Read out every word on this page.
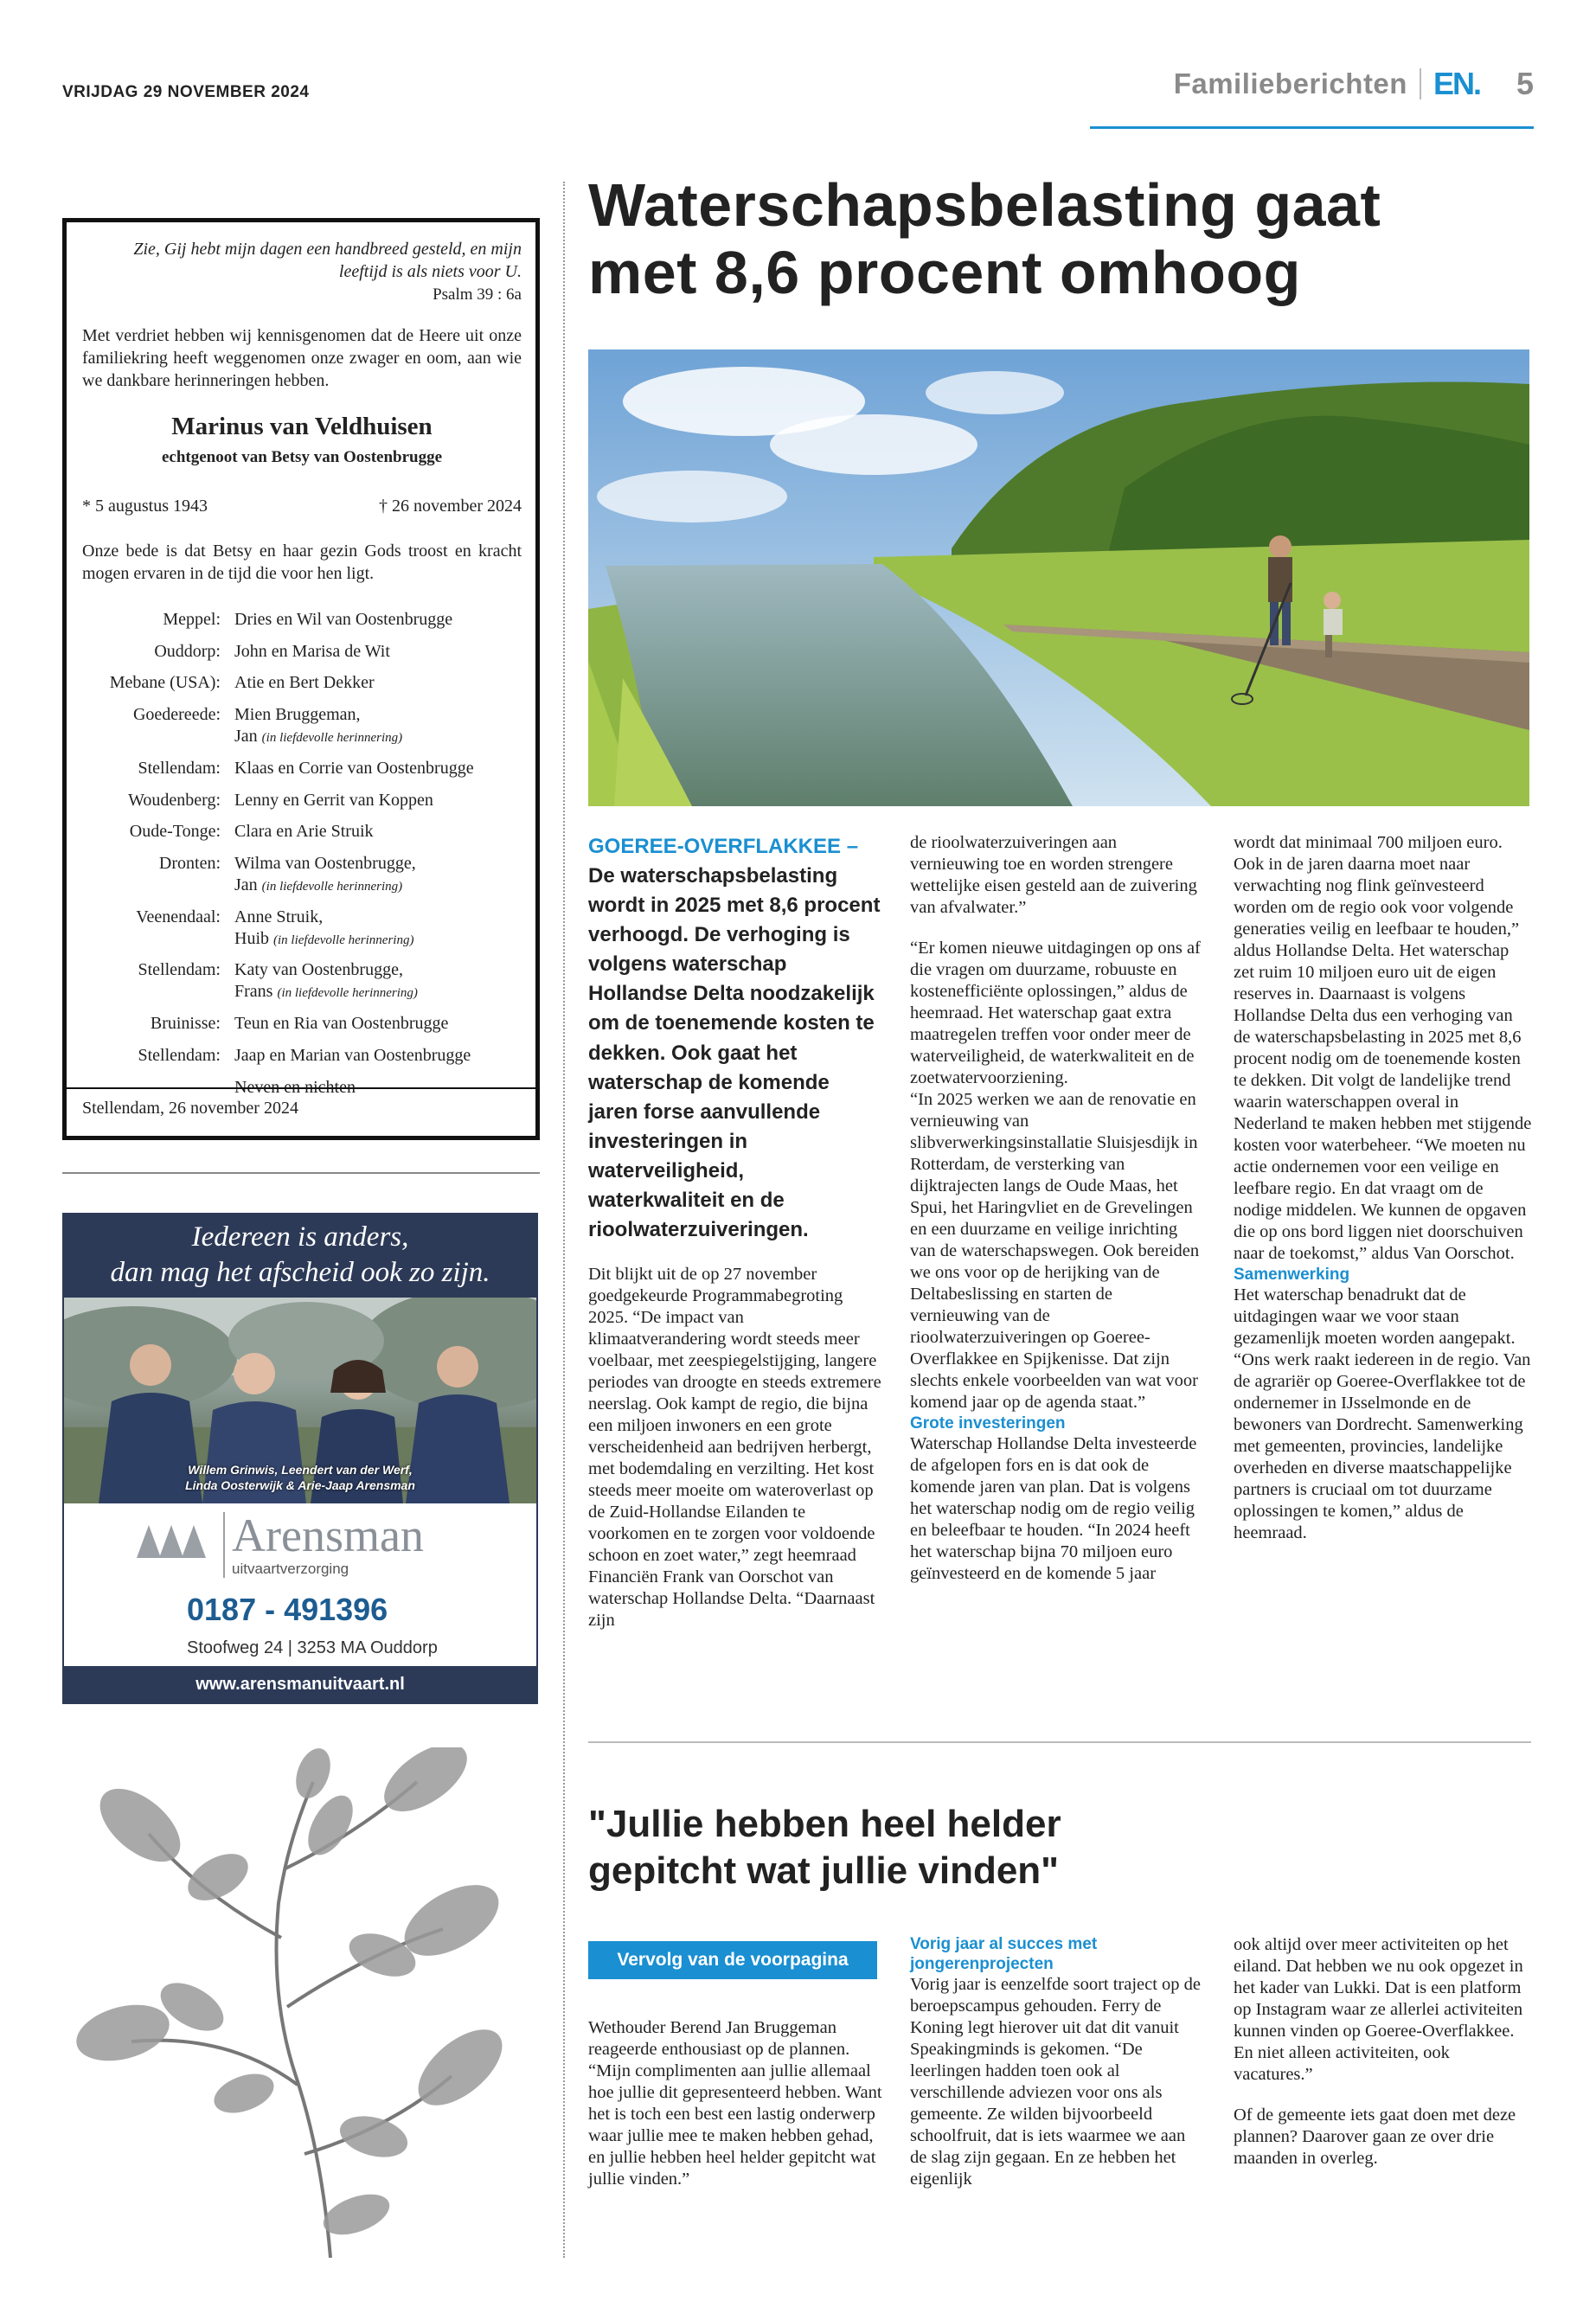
VRIJDAG 29 NOVEMBER 2024	Familieberichten EN. 5
Zie, Gij hebt mijn dagen een handbreed gesteld, en mijn leeftijd is als niets voor U.
Psalm 39 : 6a
Met verdriet hebben wij kennisgenomen dat de Heere uit onze familiekring heeft weggenomen onze zwager en oom, aan wie we dankbare herinneringen hebben.
Marinus van Veldhuisen
echtgenoot van Betsy van Oostenbrugge
* 5 augustus 1943	† 26 november 2024
Onze bede is dat Betsy en haar gezin Gods troost en kracht mogen ervaren in de tijd die voor hen ligt.
Meppel: Dries en Wil van Oostenbrugge
Ouddorp: John en Marisa de Wit
Mebane (USA): Atie en Bert Dekker
Goedereede: Mien Bruggeman,
Jan (in liefdevolle herinnering)
Stellendam: Klaas en Corrie van Oostenbrugge
Woudenberg: Lenny en Gerrit van Koppen
Oude-Tonge: Clara en Arie Struik
Dronten: Wilma van Oostenbrugge,
Jan (in liefdevolle herinnering)
Veenendaal: Anne Struik,
Huib (in liefdevolle herinnering)
Stellendam: Katy van Oostenbrugge,
Frans (in liefdevolle herinnering)
Bruinisse: Teun en Ria van Oostenbrugge
Stellendam: Jaap en Marian van Oostenbrugge
Neven en nichten
Stellendam, 26 november 2024
Iedereen is anders,
dan mag het afscheid ook zo zijn.
Willem Grinwis, Leendert van der Werf,
Linda Oosterwijk & Arie-Jaap Arensman
Arensman
uitvaartverzorging
0187 - 491396
Stoofweg 24 | 3253 MA Ouddorp
www.arensmanuitvaart.nl
Waterschapsbelasting gaat
met 8,6 procent omhoog

GOEREE-OVERFLAKKEE – De waterschapsbelasting wordt in 2025 met 8,6 procent verhoogd. De verhoging is volgens waterschap Hollandse Delta noodzakelijk om de toenemende kosten te dekken. Ook gaat het waterschap de komende jaren forse aanvullende investeringen in waterveiligheid, waterkwaliteit en de rioolwaterzuiveringen.

Dit blijkt uit de op 27 november goedgekeurde Programmabegroting 2025. “De impact van klimaatverandering wordt steeds meer voelbaar, met zeespiegelstijging, langere periodes van droogte en steeds extremere neerslag. Ook kampt de regio, die bijna een miljoen inwoners en een grote verscheidenheid aan bedrijven herbergt, met bodemdaling en verzilting. Het kost steeds meer moeite om wateroverlast op de Zuid-Hollandse Eilanden te voorkomen en te zorgen voor voldoende schoon en zoet water,” zegt heemraad Financiën Frank van Oorschot van waterschap Hollandse Delta. “Daarnaast zijn

de rioolwaterzuiveringen aan vernieuwing toe en worden strengere wettelijke eisen gesteld aan de zuivering van afvalwater.”

“Er komen nieuwe uitdagingen op ons af die vragen om duurzame, robuuste en kostenefficiënte oplossingen,” aldus de heemraad. Het waterschap gaat extra maatregelen treffen voor onder meer de waterveiligheid, de waterkwaliteit en de zoetwatervoorziening.

“In 2025 werken we aan de renovatie en vernieuwing van slibverwerkingsinstallatie Sluisjesdijk in Rotterdam, de versterking van dijktrajecten langs de Oude Maas, het Spui, het Haringvliet en de Grevelingen en een duurzame en veilige inrichting van de waterschapswegen. Ook bereiden we ons voor op de herijking van de Deltabeslissing en starten de vernieuwing van de rioolwaterzuiveringen op Goeree-Overflakkee en Spijkenisse. Dat zijn slechts enkele voorbeelden van wat voor komend jaar op de agenda staat.”

Grote investeringen

Waterschap Hollandse Delta investeerde de afgelopen fors en is dat ook de komende jaren van plan. Dat is volgens het waterschap nodig om de regio veilig en beleefbaar te houden. “In 2024 heeft het waterschap bijna 70 miljoen euro geïnvesteerd en de komende 5 jaar

wordt dat minimaal 700 miljoen euro. Ook in de jaren daarna moet naar verwachting nog flink geïnvesteerd worden om de regio ook voor volgende generaties veilig en leefbaar te houden,” aldus Hollandse Delta. Het waterschap zet ruim 10 miljoen euro uit de eigen reserves in. Daarnaast is volgens Hollandse Delta dus een verhoging van de waterschapsbelasting in 2025 met 8,6 procent nodig om de toenemende kosten te dekken. Dit volgt de landelijke trend waarin waterschappen overal in Nederland te maken hebben met stijgende kosten voor waterbeheer. “We moeten nu actie ondernemen voor een veilige en leefbare regio. En dat vraagt om de nodige middelen. We kunnen de opgaven die op ons bord liggen niet doorschuiven naar de toekomst,” aldus Van Oorschot.

Samenwerking

Het waterschap benadrukt dat de uitdagingen waar we voor staan gezamenlijk moeten worden aangepakt. “Ons werk raakt iedereen in de regio. Van de agrariër op Goeree-Overflakkee tot de ondernemer in IJsselmonde en de bewoners van Dordrecht. Samenwerking met gemeenten, provincies, landelijke overheden en diverse maatschappelijke partners is cruciaal om tot duurzame oplossingen te komen,” aldus de heemraad.

"Jullie hebben heel helder
gepitcht wat jullie vinden"
Vervolg van de voorpagina

Wethouder Berend Jan Bruggeman reageerde enthousiast op de plannen. “Mijn complimenten aan jullie allemaal hoe jullie dit gepresenteerd hebben. Want het is toch een best een lastig onderwerp waar jullie mee te maken hebben gehad, en jullie hebben heel helder gepitcht wat jullie vinden.”

Vorig jaar al succes met jongerenprojecten

Vorig jaar is eenzelfde soort traject op de beroepscampus gehouden. Ferry de Koning legt hierover uit dat dit vanuit Speakingminds is gekomen. “De leerlingen hadden toen ook al verschillende adviezen voor ons als gemeente. Ze wilden bijvoorbeeld schoolfruit, dat is iets waarmee we aan de slag zijn gegaan. En ze hebben het eigenlijk

ook altijd over meer activiteiten op het eiland. Dat hebben we nu ook opgezet in het kader van Lukki. Dat is een platform op Instagram waar ze allerlei activiteiten kunnen vinden op Goeree-Overflakkee. En niet alleen activiteiten, ook vacatures.”

Of de gemeente iets gaat doen met deze plannen? Daarover gaan ze over drie maanden in overleg.
